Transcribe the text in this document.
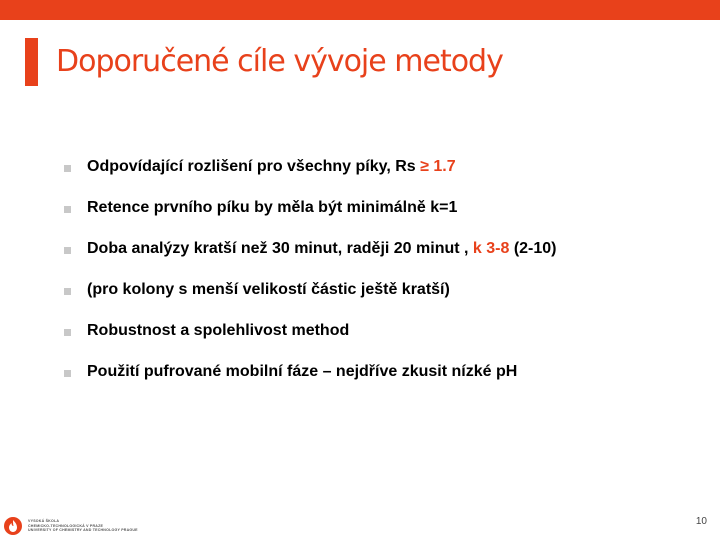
Doporučené cíle vývoje metody
Odpovídající rozlišení pro všechny píky, Rs ≥ 1.7
Retence prvního píku by měla být minimálně k=1
Doba analýzy kratší než 30 minut, raději 20 minut , k 3-8 (2-10)
(pro kolony s menší velikostí částic ještě kratší)
Robustnost a spolehlivost method
Použití pufrované mobilní fáze – nejdříve zkusit nízké pH
VYSOKÁ ŠKOLA
CHEMICKO-TECHNOLOGICKÁ V PRAZE
UNIVERSITY OF CHEMISTRY AND TECHNOLOGY PRAGUE
10
